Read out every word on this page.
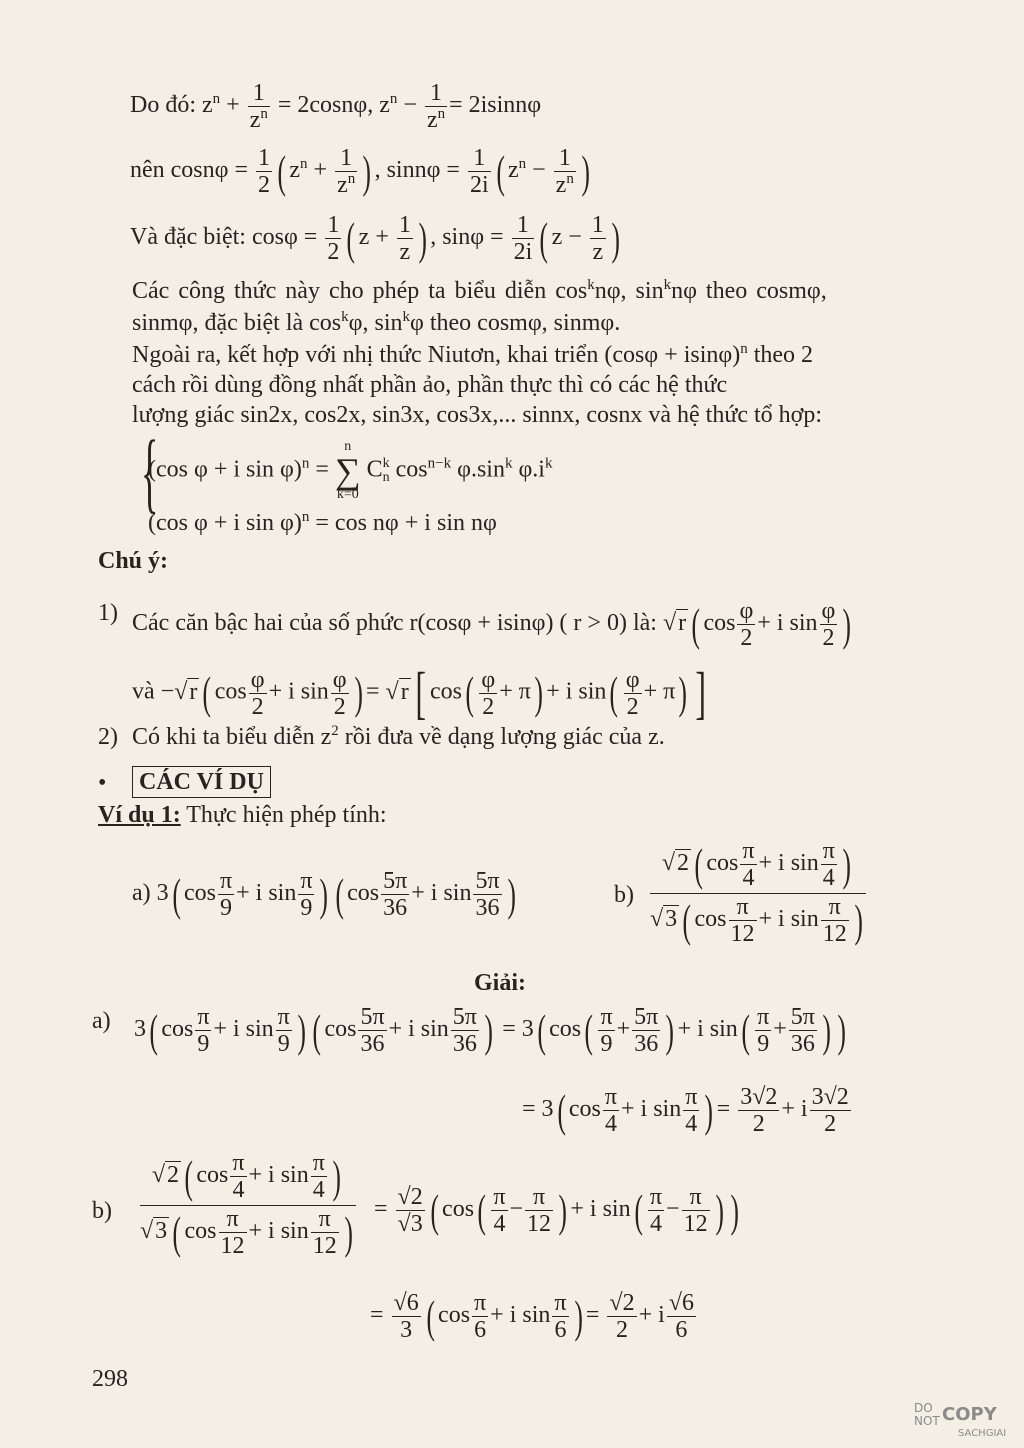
Do đó: $z^n + \frac{1}{z^n} = 2\cos n\varphi$, $z^n - \frac{1}{z^n} = 2isinn\varphi$
nên $\cos n\varphi = \frac{1}{2}$ ( $z^n + \frac{1}{z^n}$ ) , $\sin n\varphi = \frac{1}{2i}$ ( $z^n - \frac{1}{z^n}$ )
Và đặc biệt: $\cos\varphi = \frac{1}{2}$ ( $z + \frac{1}{z}$ ) , $\sin\varphi = \frac{1}{2i}$ ( $z - \frac{1}{z}$ )
Các công thức này cho phép ta biểu diễn $\cos^kn\varphi$, $\sin^kn\varphi$ theo cosmφ,
sinmφ, đặc biệt là $\cos^k\varphi$, $\sin^k\varphi$ theo cosmφ, sinmφ.
Ngoài ra, kết hợp với nhị thức Niutơn, khai triển $(\cos\varphi + isin\varphi)^n$ theo 2
cách rồi dùng đồng nhất phần ảo, phần thực thì có các hệ thức
lượng giác sin2x, cos2x, sin3x, cos3x,... sinnx, cosnx và hệ thức tổ hợp:
{
(cos φ + i sin φ)$^n$ =
n
∑
k=0
C k
n $\cos^{n-k} \varphi.\sin^k$ $\varphi.i^k$
(cos φ + i sin φ)$^n$ = cos nφ + i sin nφ
Chú ý:
1) Các căn bậc hai của số phức r(cosφ + isinφ) ( r > 0) là: √r ( $\cos \frac{\varphi}{2} + i$ $\sin \frac{\varphi}{2}$ )
và −√r ( $\cos \frac{\varphi}{2} + i$ $\sin \frac{\varphi}{2}$ ) = √r [ $\cos( \frac{\varphi}{2} + \pi) + i$ $\sin( \frac{\varphi}{2} + \pi)$ ]
2) Có khi ta biểu diễn $z^2$ rồi đưa về dạng lượng giác của z.
• CÁC VÍ DỤ
Ví dụ 1: Thực hiện phép tính:
a) 3( $\cos \frac{\pi}{9} + i$ $\sin \frac{\pi}{9}$ ) ( $\cos \frac{5\pi}{36} + i$ $\sin \frac{5\pi}{36}$ )	b)
√2 ( $\cos \frac{\pi}{4} + i$ $\sin \frac{\pi}{4}$ )
√3 ( $\cos \frac{\pi}{12} + i$ $\sin \frac{\pi}{12}$ )
Giải:
a) 3( $\cos \frac{\pi}{9} + i$ $\sin \frac{\pi}{9}$ ) ( $\cos \frac{5\pi}{36} + i$ $\sin \frac{5\pi}{36}$ ) = 3( $\cos( \frac{\pi}{9} + \frac{5\pi}{36}$ ) + i $\sin( \frac{\pi}{9} + \frac{5\pi}{36}$ ) )
= 3( $\cos \frac{\pi}{4} + i$ $\sin \frac{\pi}{4}$ ) = $\frac{3√2}{2} + i \frac{3√2}{2}$
b)
√2 ( $\cos \frac{\pi}{4} + i$ $\sin \frac{\pi}{4}$ )
√3 ( $\cos \frac{\pi}{12} + i$ $\sin \frac{\pi}{12}$ ) = $\frac{√2}{√3}$ ( $\cos( \frac{\pi}{4} - \frac{\pi}{12}$ ) + i $\sin( \frac{\pi}{4} - \frac{\pi}{12}$ ) )
= $\frac{√6}{3}$ ( $\cos \frac{\pi}{6} + i$ $\sin \frac{\pi}{6}$ ) = $\frac{√2}{2} + i \frac{√6}{6}$
298
DO
NOT COPY
SACHGIAI
